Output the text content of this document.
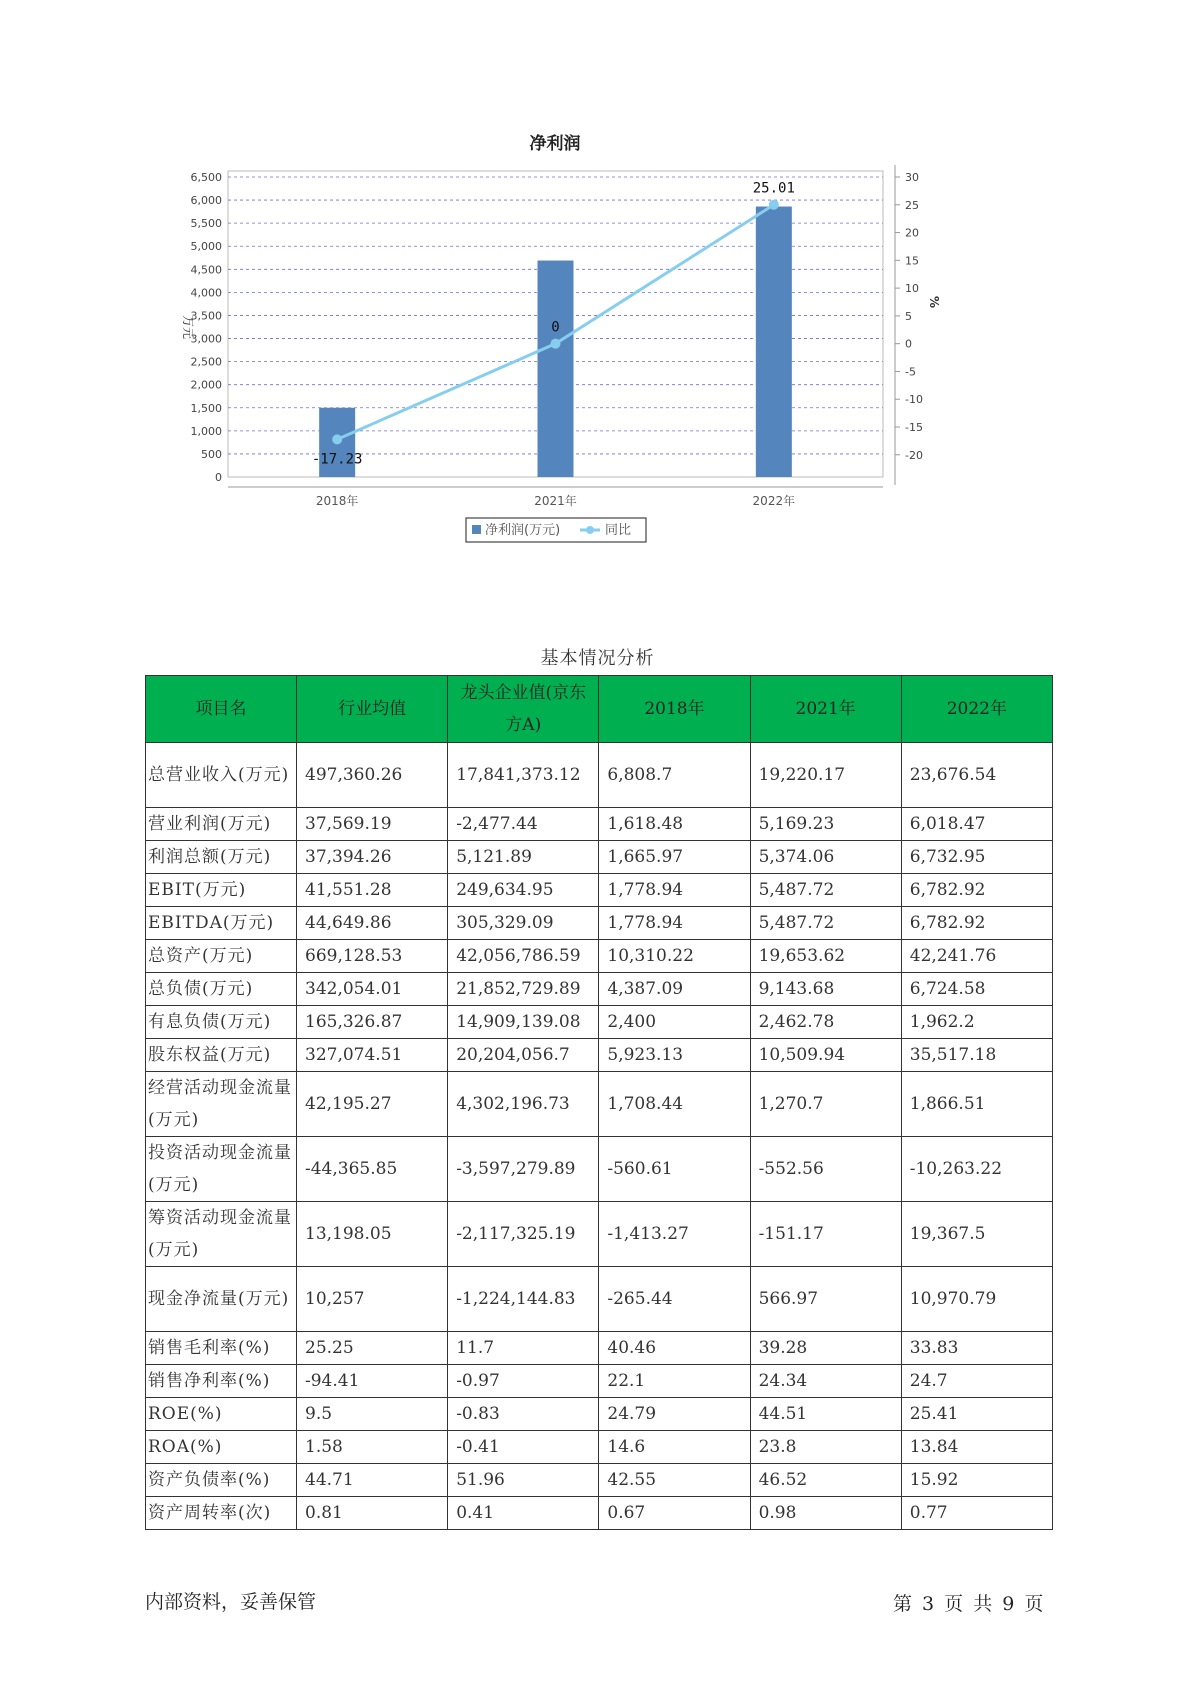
净利润
0
500
1,000
1,500
2,000
2,500
3,000
3,500
4,000
4,500
5,000
5,500
6,000
6,500
-20
-15
-10
-5
0
5
10
15
20
25
30
万元
%
2018年	2021年	2022年
-17.23
0
25.01
净利润(万元)	同比
基本情况分析
项目名	行业均值	龙头企业值(京东方A)	2018年	2021年	2022年
总营业收入(万元)	497,360.26	17,841,373.12	6,808.7	19,220.17	23,676.54
营业利润(万元)	37,569.19	-2,477.44	1,618.48	5,169.23	6,018.47
利润总额(万元)	37,394.26	5,121.89	1,665.97	5,374.06	6,732.95
EBIT(万元)	41,551.28	249,634.95	1,778.94	5,487.72	6,782.92
EBITDA(万元)	44,649.86	305,329.09	1,778.94	5,487.72	6,782.92
总资产(万元)	669,128.53	42,056,786.59	10,310.22	19,653.62	42,241.76
总负债(万元)	342,054.01	21,852,729.89	4,387.09	9,143.68	6,724.58
有息负债(万元)	165,326.87	14,909,139.08	2,400	2,462.78	1,962.2
股东权益(万元)	327,074.51	20,204,056.7	5,923.13	10,509.94	35,517.18
经营活动现金流量(万元)	42,195.27	4,302,196.73	1,708.44	1,270.7	1,866.51
投资活动现金流量(万元)	-44,365.85	-3,597,279.89	-560.61	-552.56	-10,263.22
筹资活动现金流量(万元)	13,198.05	-2,117,325.19	-1,413.27	-151.17	19,367.5
现金净流量(万元)	10,257	-1,224,144.83	-265.44	566.97	10,970.79
销售毛利率(%)	25.25	11.7	40.46	39.28	33.83
销售净利率(%)	-94.41	-0.97	22.1	24.34	24.7
ROE(%)	9.5	-0.83	24.79	44.51	25.41
ROA(%)	1.58	-0.41	14.6	23.8	13.84
资产负债率(%)	44.71	51.96	42.55	46.52	15.92
资产周转率(次)	0.81	0.41	0.67	0.98	0.77
内部资料，妥善保管	第 3 页 共 9 页
